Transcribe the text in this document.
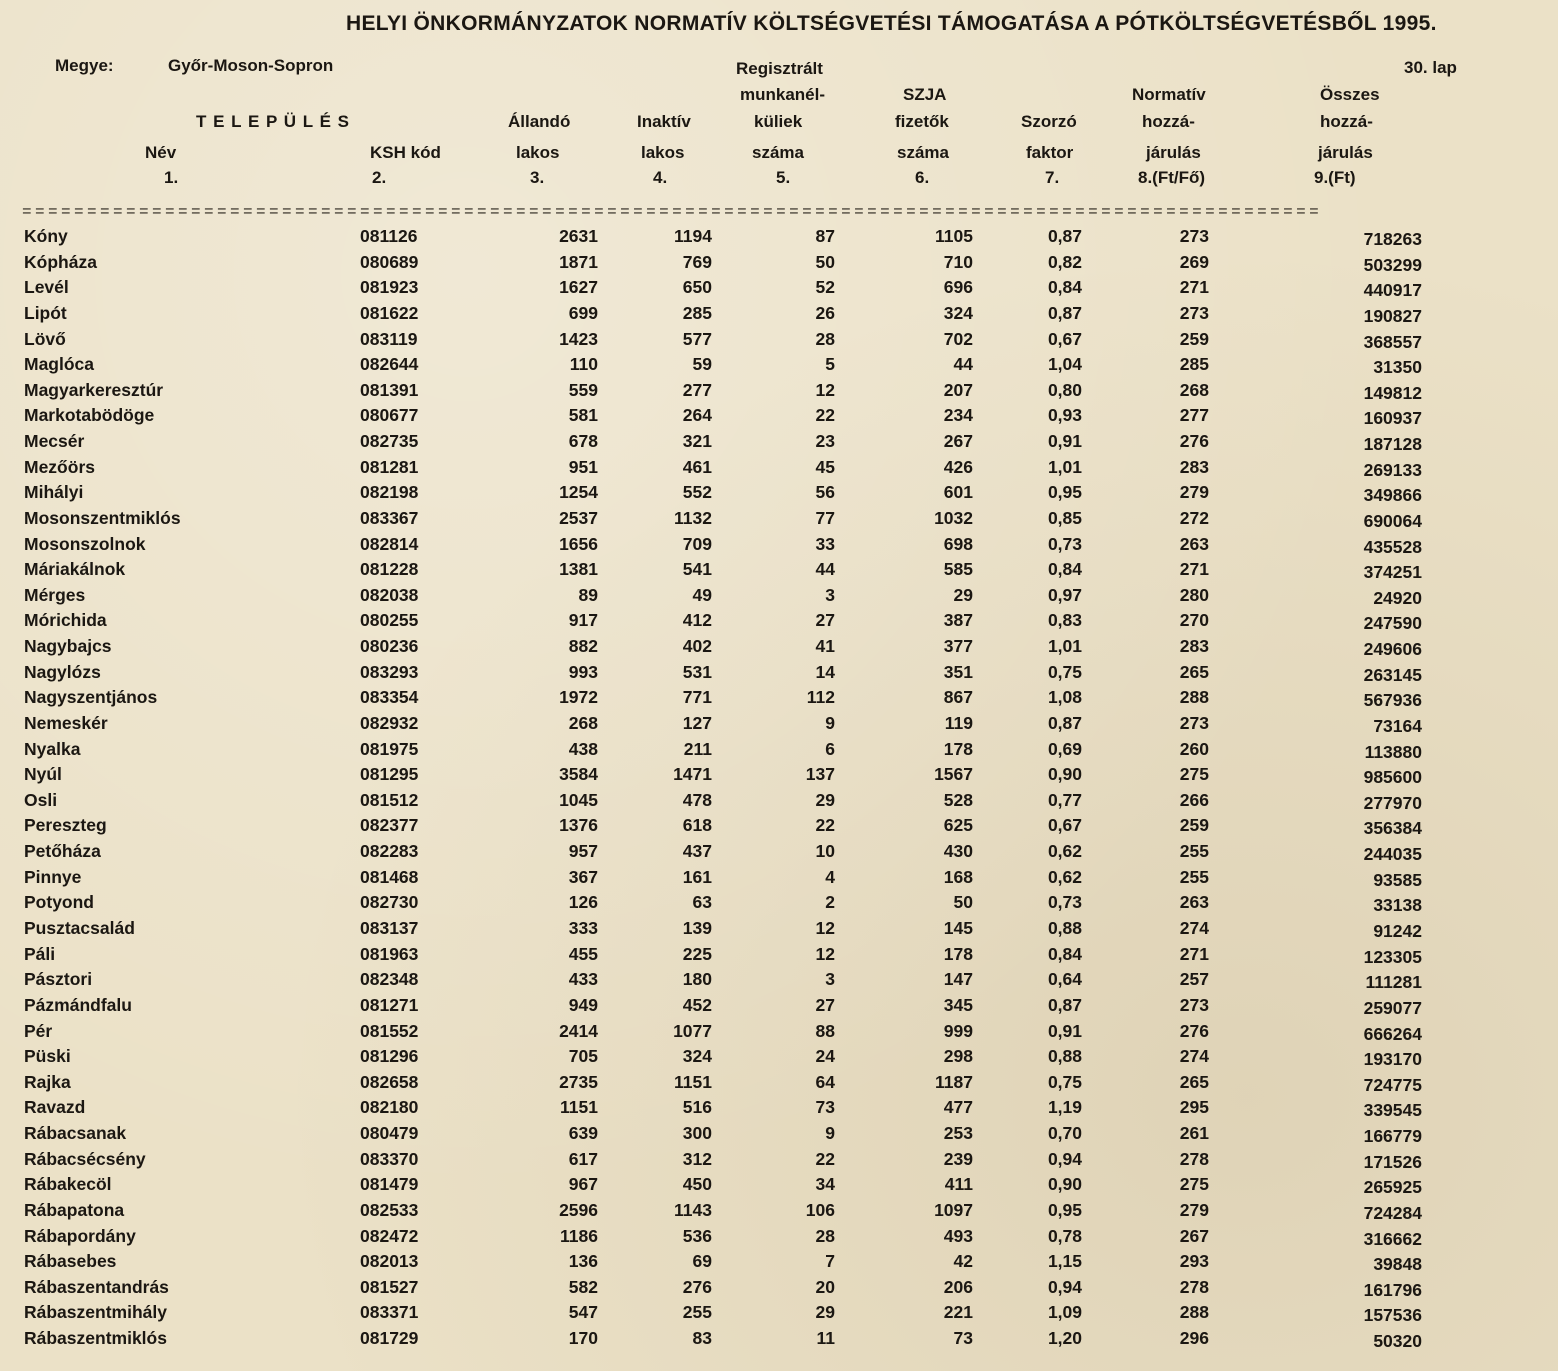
HELYI ÖNKORMÁNYZATOK NORMATÍV KÖLTSÉGVETÉSI TÁMOGATÁSA A PÓTKÖLTSÉGVETÉSBŐL 1995.
Megye:	Győr-Moson-Sopron	30. lap
T E L E P Ü L É S
Név
1.
KSH kód
2.
Állandó
lakos
3.
Inaktív
lakos
4.
Regisztrált
munkanél-
küliek
száma
5.
SZJA
fizetők
száma
6.
Szorzó
faktor
7.
Normatív
hozzá-
járulás
8.(Ft/Fő)
Összes
hozzá-
járulás
9.(Ft)
====================================================================================================
Kóny	081126	2631	1194	87	1105	0,87	273	718263
Kópháza	080689	1871	769	50	710	0,82	269	503299
Levél	081923	1627	650	52	696	0,84	271	440917
Lipót	081622	699	285	26	324	0,87	273	190827
Lövő	083119	1423	577	28	702	0,67	259	368557
Maglóca	082644	110	59	5	44	1,04	285	31350
Magyarkeresztúr	081391	559	277	12	207	0,80	268	149812
Markotabödöge	080677	581	264	22	234	0,93	277	160937
Mecsér	082735	678	321	23	267	0,91	276	187128
Mezőörs	081281	951	461	45	426	1,01	283	269133
Mihályi	082198	1254	552	56	601	0,95	279	349866
Mosonszentmiklós	083367	2537	1132	77	1032	0,85	272	690064
Mosonszolnok	082814	1656	709	33	698	0,73	263	435528
Máriakálnok	081228	1381	541	44	585	0,84	271	374251
Mérges	082038	89	49	3	29	0,97	280	24920
Mórichida	080255	917	412	27	387	0,83	270	247590
Nagybajcs	080236	882	402	41	377	1,01	283	249606
Nagylózs	083293	993	531	14	351	0,75	265	263145
Nagyszentjános	083354	1972	771	112	867	1,08	288	567936
Nemeskér	082932	268	127	9	119	0,87	273	73164
Nyalka	081975	438	211	6	178	0,69	260	113880
Nyúl	081295	3584	1471	137	1567	0,90	275	985600
Osli	081512	1045	478	29	528	0,77	266	277970
Pereszteg	082377	1376	618	22	625	0,67	259	356384
Petőháza	082283	957	437	10	430	0,62	255	244035
Pinnye	081468	367	161	4	168	0,62	255	93585
Potyond	082730	126	63	2	50	0,73	263	33138
Pusztacsalád	083137	333	139	12	145	0,88	274	91242
Páli	081963	455	225	12	178	0,84	271	123305
Pásztori	082348	433	180	3	147	0,64	257	111281
Pázmándfalu	081271	949	452	27	345	0,87	273	259077
Pér	081552	2414	1077	88	999	0,91	276	666264
Püski	081296	705	324	24	298	0,88	274	193170
Rajka	082658	2735	1151	64	1187	0,75	265	724775
Ravazd	082180	1151	516	73	477	1,19	295	339545
Rábacsanak	080479	639	300	9	253	0,70	261	166779
Rábacsécsény	083370	617	312	22	239	0,94	278	171526
Rábakecöl	081479	967	450	34	411	0,90	275	265925
Rábapatona	082533	2596	1143	106	1097	0,95	279	724284
Rábapordány	082472	1186	536	28	493	0,78	267	316662
Rábasebes	082013	136	69	7	42	1,15	293	39848
Rábaszentandrás	081527	582	276	20	206	0,94	278	161796
Rábaszentmihály	083371	547	255	29	221	1,09	288	157536
Rábaszentmiklós	081729	170	83	11	73	1,20	296	50320
